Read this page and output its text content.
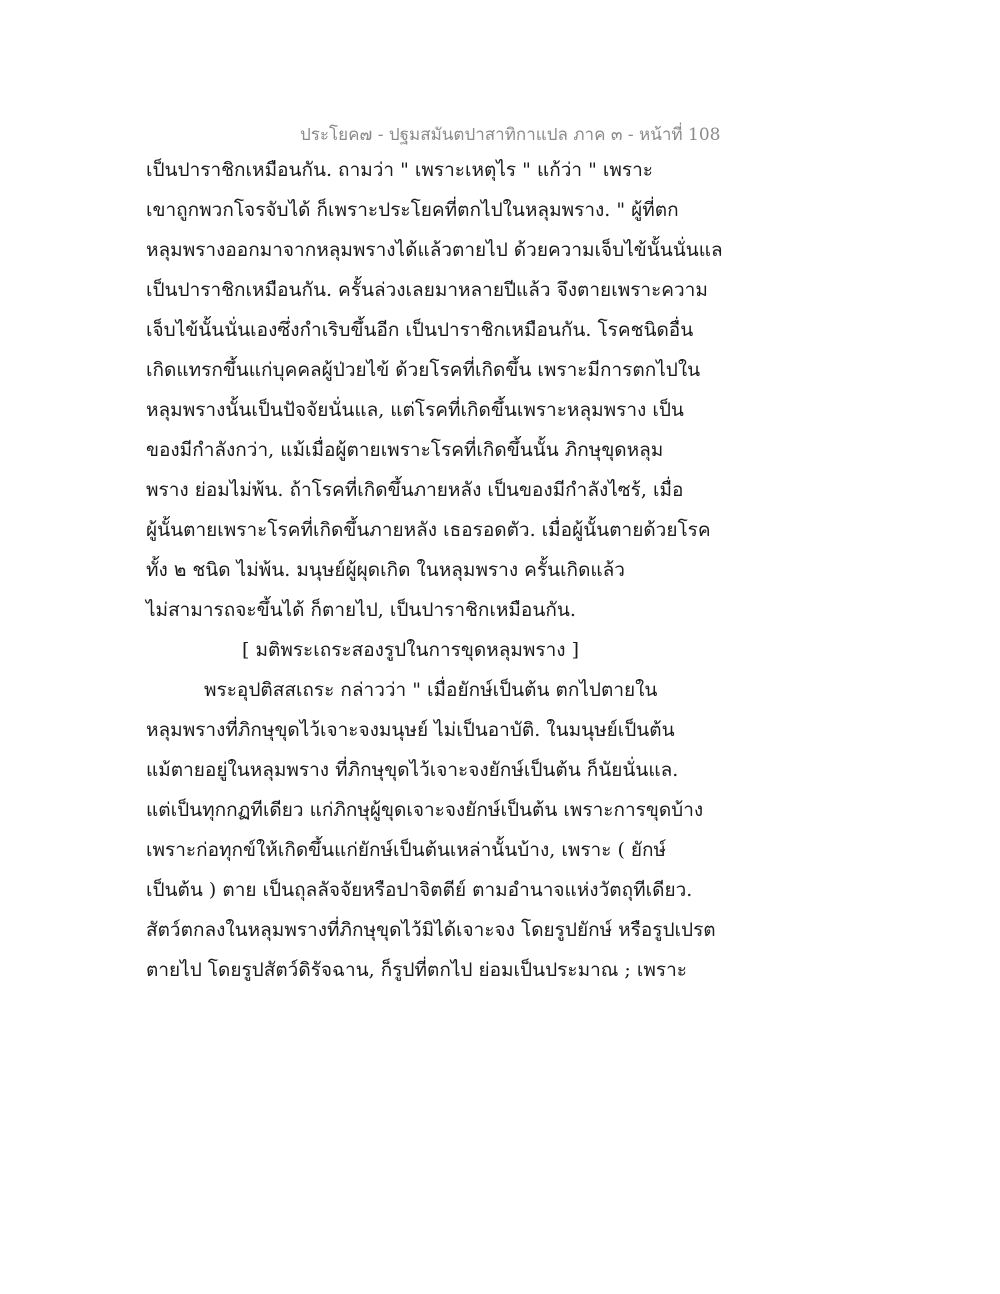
ประโยค๗ - ปฐมสมันตปาสาทิกาแปล ภาค ๓ - หน้าที่ 108
เป็นปาราชิกเหมือนกัน. ถามว่า " เพราะเหตุไร " แก้ว่า " เพราะ
เขาถูกพวกโจรจับได้ ก็เพราะประโยคที่ตกไปในหลุมพราง. " ผู้ที่ตก
หลุมพรางออกมาจากหลุมพรางได้แล้วตายไป ด้วยความเจ็บไข้นั้นนั่นแล
เป็นปาราชิกเหมือนกัน. ครั้นล่วงเลยมาหลายปีแล้ว จึงตายเพราะความ
เจ็บไข้นั้นนั่นเองซึ่งกำเริบขึ้นอีก เป็นปาราชิกเหมือนกัน. โรคชนิดอื่น
เกิดแทรกขึ้นแก่บุคคลผู้ป่วยไข้ ด้วยโรคที่เกิดขึ้น เพราะมีการตกไปใน
หลุมพรางนั้นเป็นปัจจัยนั่นแล, แต่โรคที่เกิดขึ้นเพราะหลุมพราง เป็น
ของมีกำลังกว่า, แม้เมื่อผู้ตายเพราะโรคที่เกิดขึ้นนั้น ภิกษุขุดหลุม
พราง ย่อมไม่พ้น. ถ้าโรคที่เกิดขึ้นภายหลัง เป็นของมีกำลังไซร้, เมื่อ
ผู้นั้นตายเพราะโรคที่เกิดขึ้นภายหลัง เธอรอดตัว. เมื่อผู้นั้นตายด้วยโรค
ทั้ง ๒ ชนิด ไม่พ้น. มนุษย์ผู้ผุดเกิด ในหลุมพราง ครั้นเกิดแล้ว
ไม่สามารถจะขึ้นได้ ก็ตายไป, เป็นปาราชิกเหมือนกัน.
[ มติพระเถระสองรูปในการขุดหลุมพราง ]
พระอุปติสสเถระ กล่าวว่า " เมื่อยักษ์เป็นต้น ตกไปตายใน
หลุมพรางที่ภิกษุขุดไว้เจาะจงมนุษย์ ไม่เป็นอาบัติ. ในมนุษย์เป็นต้น
แม้ตายอยู่ในหลุมพราง ที่ภิกษุขุดไว้เจาะจงยักษ์เป็นต้น ก็นัยนั่นแล.
แต่เป็นทุกกฏทีเดียว แก่ภิกษุผู้ขุดเจาะจงยักษ์เป็นต้น เพราะการขุดบ้าง
เพราะก่อทุกข์ให้เกิดขึ้นแก่ยักษ์เป็นต้นเหล่านั้นบ้าง, เพราะ ( ยักษ์
เป็นต้น ) ตาย เป็นถุลลัจจัยหรือปาจิตตีย์ ตามอำนาจแห่งวัตถุทีเดียว.
สัตว์ตกลงในหลุมพรางที่ภิกษุขุดไว้มิได้เจาะจง โดยรูปยักษ์ หรือรูปเปรต
ตายไป โดยรูปสัตว์ดิรัจฉาน, ก็รูปที่ตกไป ย่อมเป็นประมาณ ; เพราะ
